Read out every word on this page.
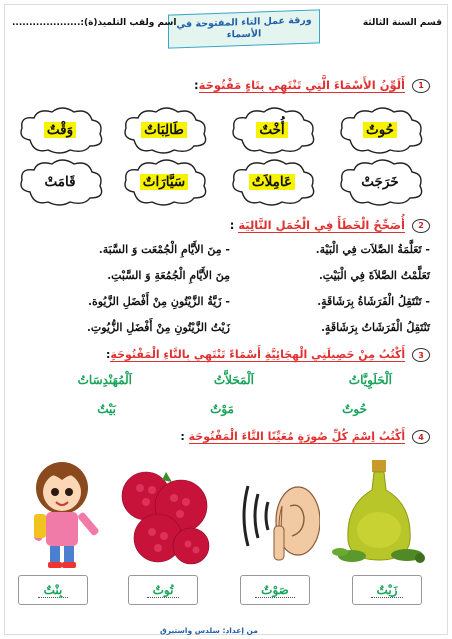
قسم السنة الثالثة
ورقة عمل التاء المفتوحة في الأسماء
اسم ولقب التلميذ(ة):....................
1 أَلَوِّنُ الأَسْمَاءَ الَّتِي تَنْتَهِي بِتَاءٍ مَفْتُوحَة:
حُوتٌ
أُخْتٌ
طَالِبَاتٌ
وَقْتٌ
خَرَجَتْ
عَامِلاَتٌ
سَيَّارَاتٌ
قَامَتْ
2 أُصَحِّحُ الْخَطَأَ فِي الْجُمَلِ التَّالِيَة :
- تَعَلَّمَةُ الصَّلاَت فِي الْبَيْة.
- مِنَ الأَيَّامِ الْجُمْعَت وَ السَّبَة.
تَعَلَّمْتُ الصَّلاَةَ فِي الْبَيْتِ.
مِنَ الأَيَّامِ الْجُمُعَةِ وَ السَّبْتِ.
- تَنْتَقِلُ الْفَرَشَاةُ بِرَشَاقَةٍ.
- زَيَّةُ الزَّيْتُونِ مِنْ أَفْضَلِ الزَّيُوة.
تَنْتَقِلُ الْفَرَشَاتُ بِرَشَاقَةٍ.
زَيْتُ الزَّيْتُونِ مِنْ أَفْضَلِ الزُّيُوتِ.
3 أَكْتُبُ مِنْ حَصِيلَتِي الْهِجَائِيَّةِ أَسْمَاءً تَنْتَهِي بِالتَّاءِ الْمَفْتُوحَةِ:
اَلْحَلَوِيَّاتُ
اَلْمَحَلاَّتُ
اَلْمُهَنْدِسَاتُ
حُوتٌ
مَوْتٌ
بَيْتٌ
4 أَكْتُبُ اِسْمَ كُلِّ صُورَةٍ مُعَيِّنًا التَّاءَ الْمَفْتُوحَة :
زَيْتٌ
صَوْتٌ
تُوتٌ
بِنْتٌ
من إعداد: سلدس واستبرق
